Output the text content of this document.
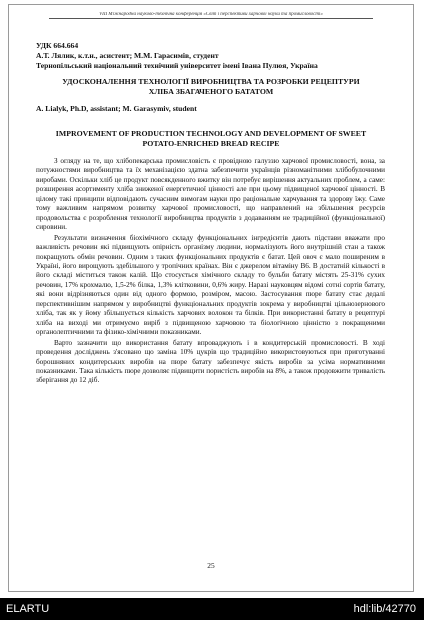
VIII Міжнародна науково-технічна конференція «Світ і перспективи харчової науки та промисловості»
УДК 664.664
А.Т. Лялик, к.т.н., асистент; М.М. Гарасимів, студент
Тернопільський національний технічний університет імені Івана Пулюя, Україна
УДОСКОНАЛЕННЯ ТЕХНОЛОГІЇ ВИРОБНИЦТВА ТА РОЗРОБКИ РЕЦЕПТУРИ ХЛІБА ЗБАГАЧЕНОГО БАТАТОМ
A. Lialyk, Ph.D, assistant; M. Garasymiv, student
IMPROVEMENT OF PRODUCTION TECHNOLOGY AND DEVELOPMENT OF SWEET POTATO-ENRICHED BREAD RECIPE

З огляду на те, що хлібопекарська промисловість є провідною галуззю харчової промисловості, вона, за потужностями виробництва та їх механізацією здатна забезпечити українців різноманітними хлібобулочними виробами. Оскільки хліб це продукт повсякденного вжитку він потребує вирішення актуальних проблем, а саме: розширення асортименту хліба зниженої енергетичної цінності але при цьому підвищеної харчової цінності. В цілому такі принципи відповідають сучасним вимогам науки про раціональне харчування та здорову їжу. Саме тому важливим напрямом розвитку харчової промисловості, що направлений на збільшення ресурсів продовольства є розроблення технології виробництва продуктів з додаванням не традиційної (функціональної) сировини.

Результати визначення біохімічного складу функціональних інгредієнтів дають підстави вважати про важливість речовин які підвищують опірність організму людини, нормалізують його внутрішній стан а також покращують обмін речовин. Одним з таких функціональних продуктів є батат. Цей овоч є мало поширеним в Україні, його вирощують здебільшого у тропічних країнах. Він є джерелом вітаміну В6. В достатній кількості в його складі міститься також калій. Що стосується хімічного складу то бульби батату містять 25-31% сухих речовин, 17% крохмалю, 1,5-2% білка, 1,3% клітковини, 0,6% жиру. Наразі науковцям відомі сотні сортів батату, які вони відрізняються один від одного формою, розміром, масою. Застосування пюре батату стає дедалі перспективнішим напрямом у виробництві функціональних продуктів зокрема у виробництві цільнозернового хліба, так як у йому збільшується кількість харчових волокон та білків. При використанні батату в рецептурі хліба на виході ми отримуємо виріб з підвищеною харчовою та біологічною цінністю з покращеними органолептичними та фізико-хімічними показниками.

Варто зазначити що використання батату впроваджують і в кондитерській промисловості. В ході проведення досліджень з'ясовано що заміна 10% цукрів що традиційно використовуються при приготуванні борошняних кондитерських виробів на пюре батату забезпечує якість виробів за усіма нормативними показниками. Така кількість пюре дозволяє підвищити пористість виробів на 8%, а також продовжити тривалість зберігання до 12 діб.

25
ELARTU	hdl:lib/42770
